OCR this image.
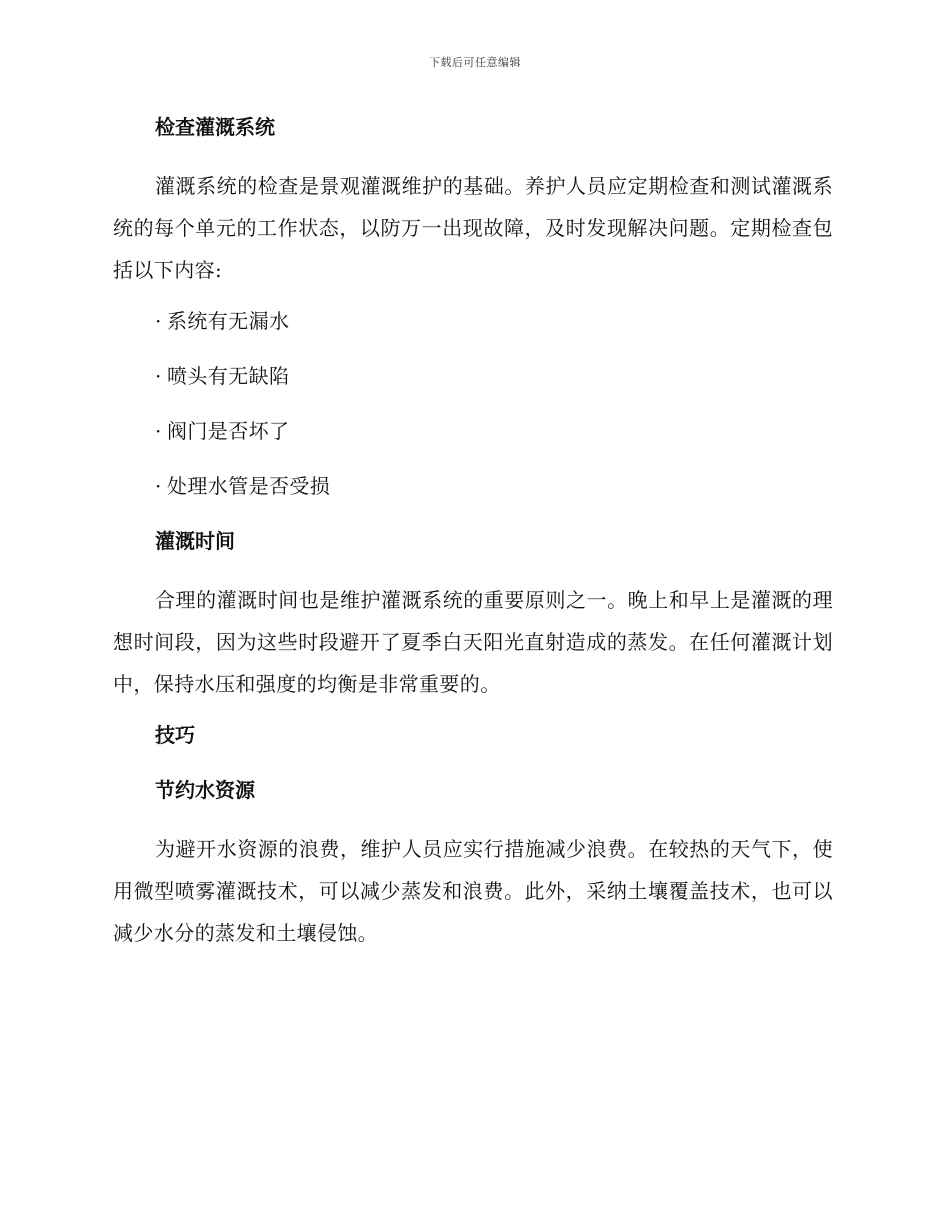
下载后可任意编辑
检查灌溉系统
灌溉系统的检查是景观灌溉维护的基础。养护人员应定期检查和测试灌溉系统的每个单元的工作状态，以防万一出现故障，及时发现解决问题。定期检查包括以下内容:
· 系统有无漏水
· 喷头有无缺陷
· 阀门是否坏了
· 处理水管是否受损
灌溉时间
合理的灌溉时间也是维护灌溉系统的重要原则之一。晚上和早上是灌溉的理想时间段，因为这些时段避开了夏季白天阳光直射造成的蒸发。在任何灌溉计划中，保持水压和强度的均衡是非常重要的。
技巧
节约水资源
为避开水资源的浪费，维护人员应实行措施减少浪费。在较热的天气下，使用微型喷雾灌溉技术，可以减少蒸发和浪费。此外，采纳土壤覆盖技术，也可以减少水分的蒸发和土壤侵蚀。
